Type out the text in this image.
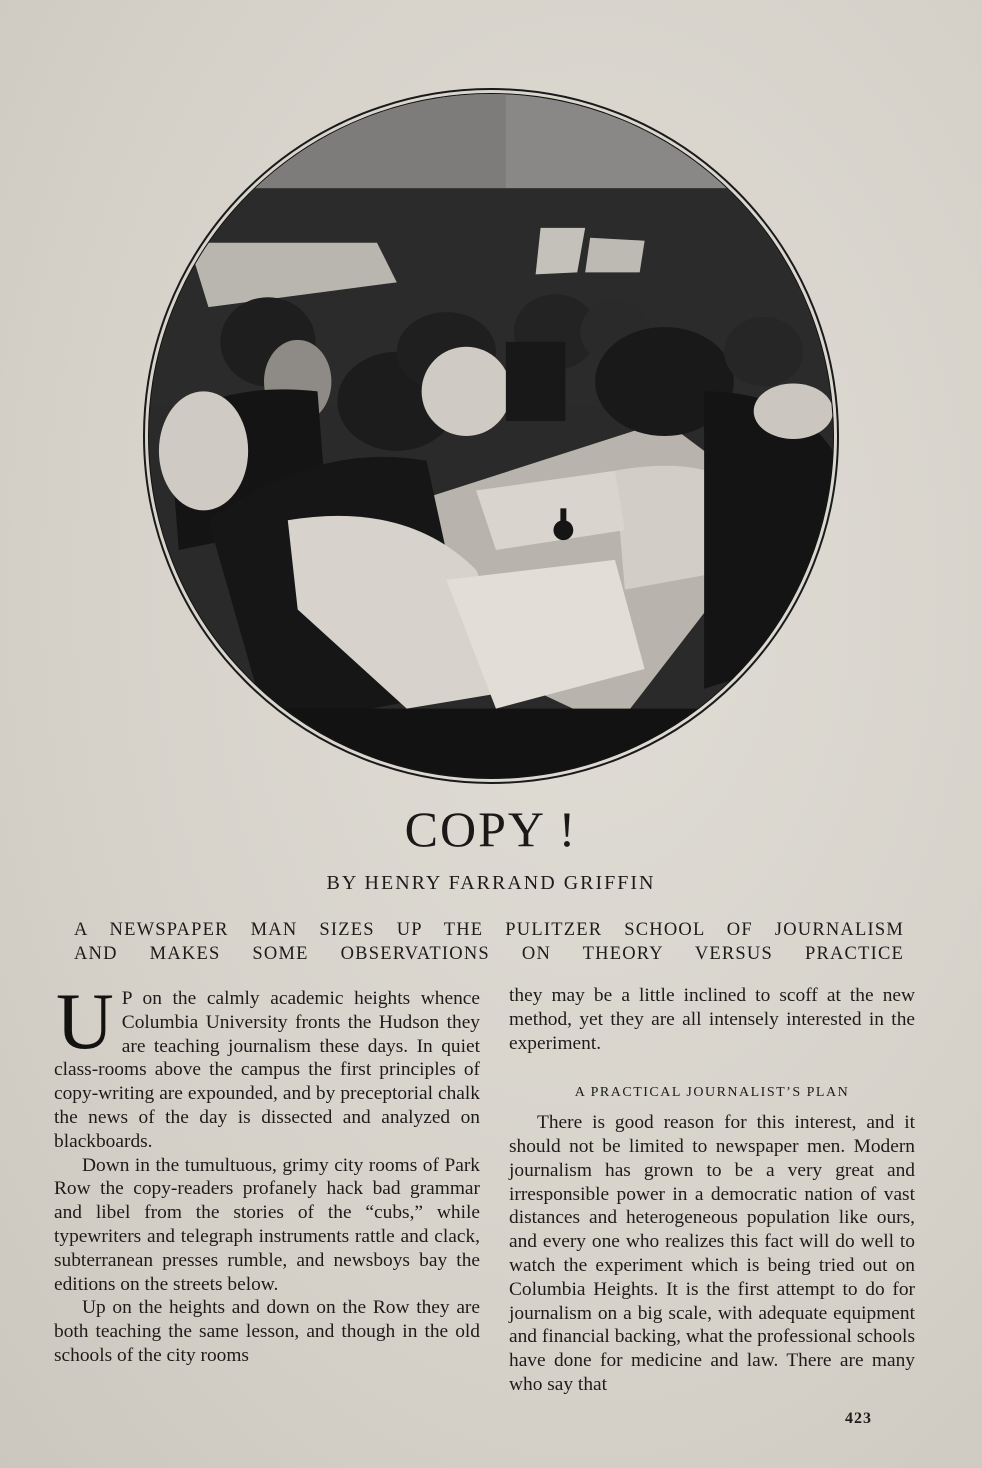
COPY !
BY HENRY FARRAND GRIFFIN
A NEWSPAPER MAN SIZES UP THE PULITZER SCHOOL OF JOURNALISM
AND MAKES SOME OBSERVATIONS ON THEORY VERSUS PRACTICE

U P on the calmly academic heights whence Columbia University fronts the Hudson they are teaching journalism these days. In quiet class-rooms above the campus the first principles of copy-writing are expounded, and by preceptorial chalk the news of the day is dissected and analyzed on blackboards.

Down in the tumultuous, grimy city rooms of Park Row the copy-readers profanely hack bad grammar and libel from the stories of the “cubs,” while typewriters and telegraph instruments rattle and clack, subterranean presses rumble, and newsboys bay the editions on the streets below.

Up on the heights and down on the Row they are both teaching the same lesson, and though in the old schools of the city rooms

they may be a little inclined to scoff at the new method, yet they are all intensely interested in the experiment.

A PRACTICAL JOURNALIST’S PLAN

There is good reason for this interest, and it should not be limited to newspaper men. Modern journalism has grown to be a very great and irresponsible power in a democratic nation of vast distances and heterogeneous population like ours, and every one who realizes this fact will do well to watch the experiment which is being tried out on Columbia Heights. It is the first attempt to do for journalism on a big scale, with adequate equipment and financial backing, what the professional schools have done for medicine and law. There are many who say that

423
